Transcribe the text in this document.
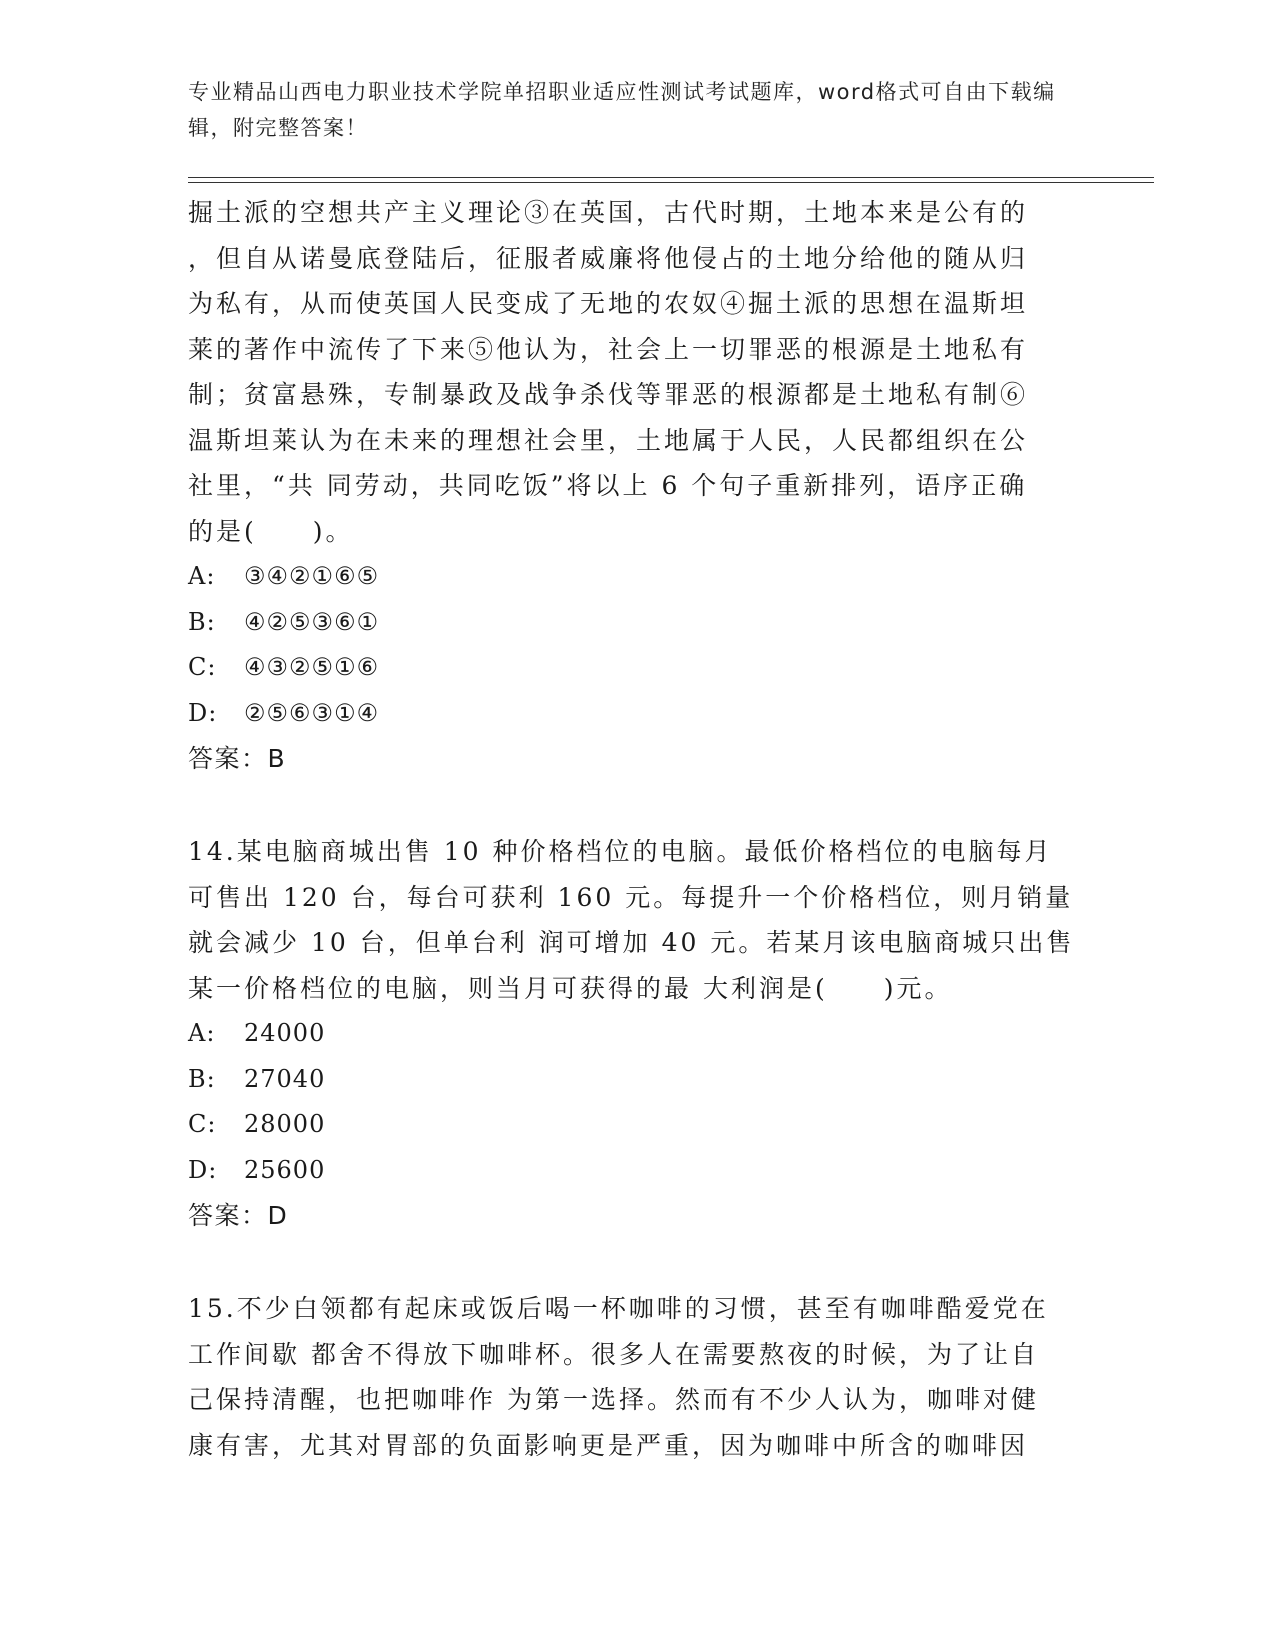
专业精品山西电力职业技术学院单招职业适应性测试考试题库，word格式可自由下载编辑，附完整答案！

掘土派的空想共产主义理论③在英国，古代时期，土地本来是公有的

，但自从诺曼底登陆后，征服者威廉将他侵占的土地分给他的随从归

为私有，从而使英国人民变成了无地的农奴④掘土派的思想在温斯坦

莱的著作中流传了下来⑤他认为，社会上一切罪恶的根源是土地私有

制；贫富悬殊，专制暴政及战争杀伐等罪恶的根源都是土地私有制⑥

温斯坦莱认为在未来的理想社会里，土地属于人民，人民都组织在公

社里，“共 同劳动，共同吃饭”将以上 6 个句子重新排列，语序正确

的是(　　)。

A: ③④②①⑥⑤

B: ④②⑤③⑥①

C: ④③②⑤①⑥

D: ②⑤⑥③①④

答案：B

14.某电脑商城出售 10 种价格档位的电脑。最低价格档位的电脑每月

可售出 120 台，每台可获利 160 元。每提升一个价格档位，则月销量

就会减少 10 台，但单台利 润可增加 40 元。若某月该电脑商城只出售

某一价格档位的电脑，则当月可获得的最 大利润是(　　)元。

A: 24000

B: 27040

C: 28000

D: 25600

答案：D

15.不少白领都有起床或饭后喝一杯咖啡的习惯，甚至有咖啡酷爱党在

工作间歇 都舍不得放下咖啡杯。很多人在需要熬夜的时候，为了让自

己保持清醒，也把咖啡作 为第一选择。然而有不少人认为，咖啡对健

康有害，尤其对胃部的负面影响更是严重，因为咖啡中所含的咖啡因
